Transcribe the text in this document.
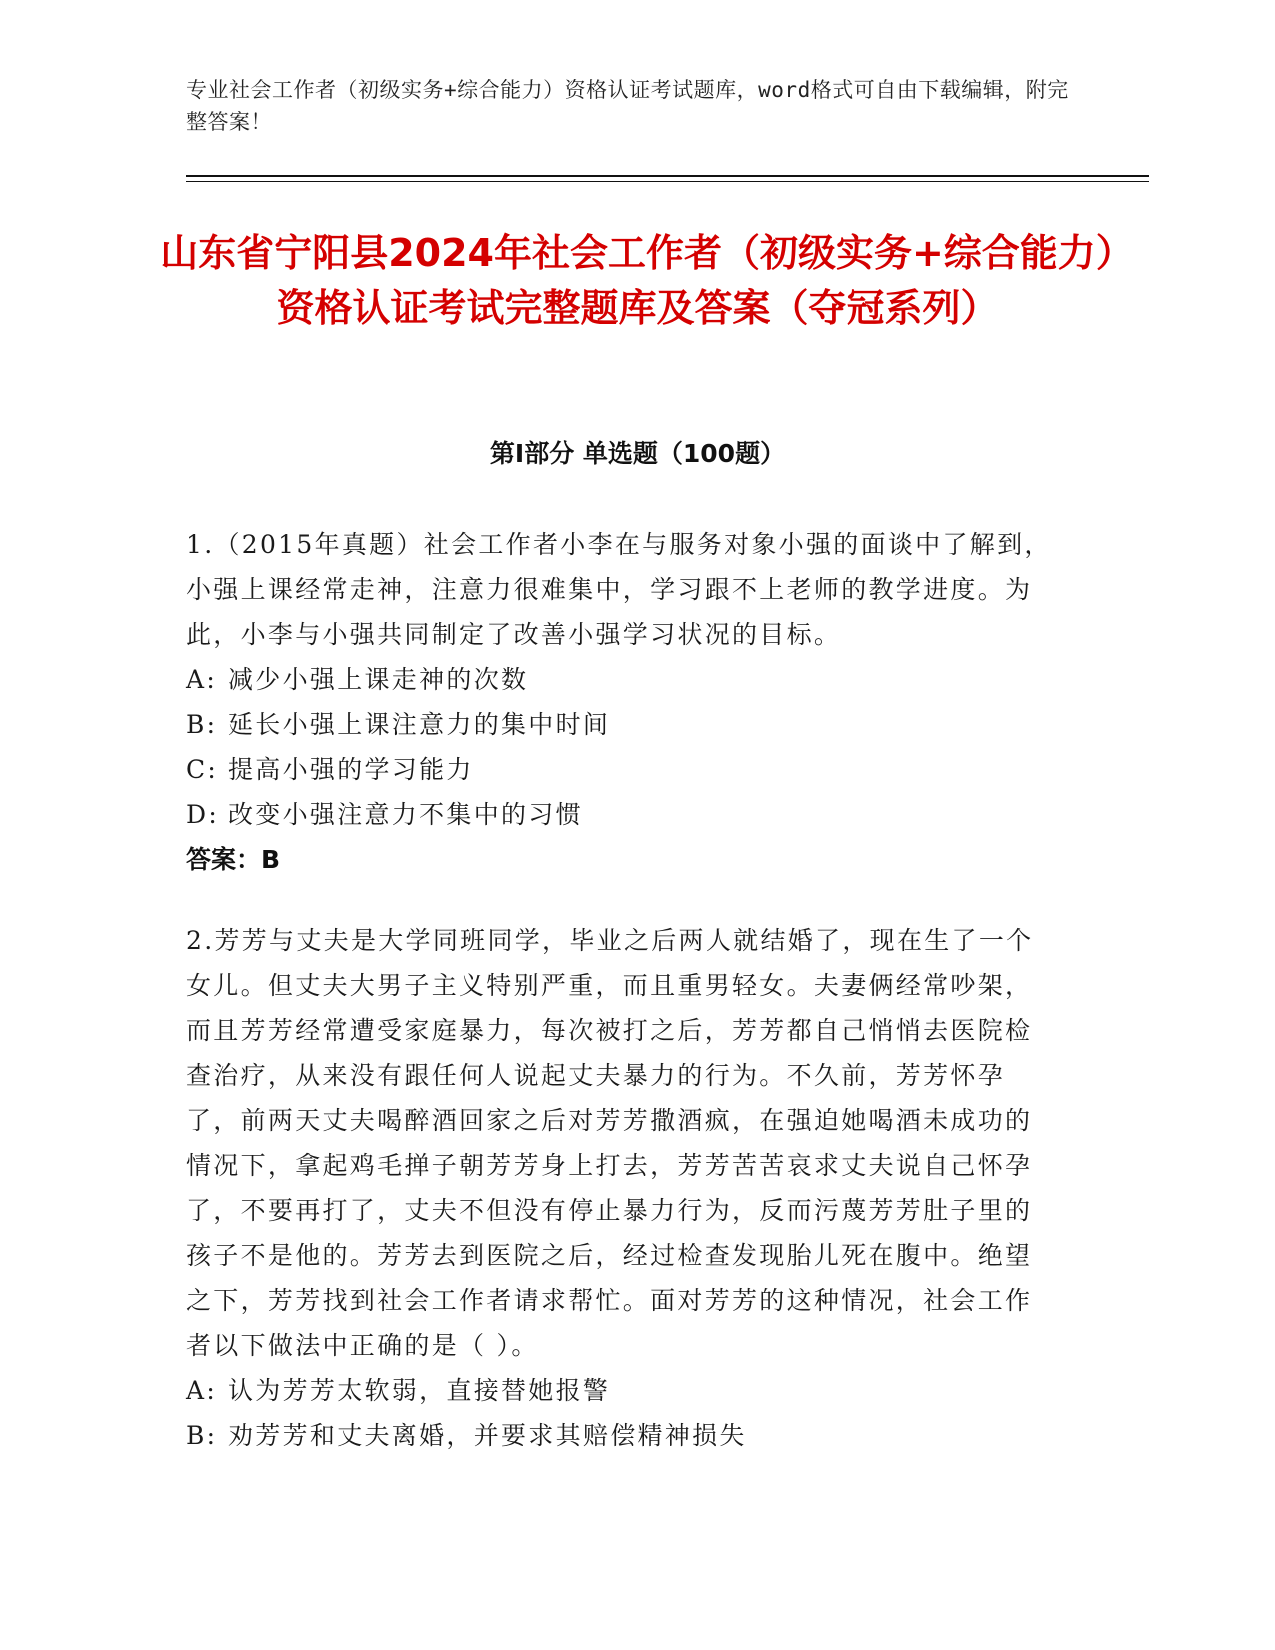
专业社会工作者（初级实务+综合能力）资格认证考试题库，word格式可自由下载编辑，附完整答案！
山东省宁阳县2024年社会工作者（初级实务+综合能力）资格认证考试完整题库及答案（夺冠系列）
第I部分 单选题（100题）
1.（2015年真题）社会工作者小李在与服务对象小强的面谈中了解到，小强上课经常走神，注意力很难集中，学习跟不上老师的教学进度。为此，小李与小强共同制定了改善小强学习状况的目标。
A: 减少小强上课走神的次数
B: 延长小强上课注意力的集中时间
C: 提高小强的学习能力
D: 改变小强注意力不集中的习惯
答案：B
2.芳芳与丈夫是大学同班同学，毕业之后两人就结婚了，现在生了一个女儿。但丈夫大男子主义特别严重，而且重男轻女。夫妻俩经常吵架，而且芳芳经常遭受家庭暴力，每次被打之后，芳芳都自己悄悄去医院检查治疗，从来没有跟任何人说起丈夫暴力的行为。不久前，芳芳怀孕了，前两天丈夫喝醉酒回家之后对芳芳撒酒疯，在强迫她喝酒未成功的情况下，拿起鸡毛掸子朝芳芳身上打去，芳芳苦苦哀求丈夫说自己怀孕了，不要再打了，丈夫不但没有停止暴力行为，反而污蔑芳芳肚子里的孩子不是他的。芳芳去到医院之后，经过检查发现胎儿死在腹中。绝望之下，芳芳找到社会工作者请求帮忙。面对芳芳的这种情况，社会工作者以下做法中正确的是（ ）。
A: 认为芳芳太软弱，直接替她报警
B: 劝芳芳和丈夫离婚，并要求其赔偿精神损失
